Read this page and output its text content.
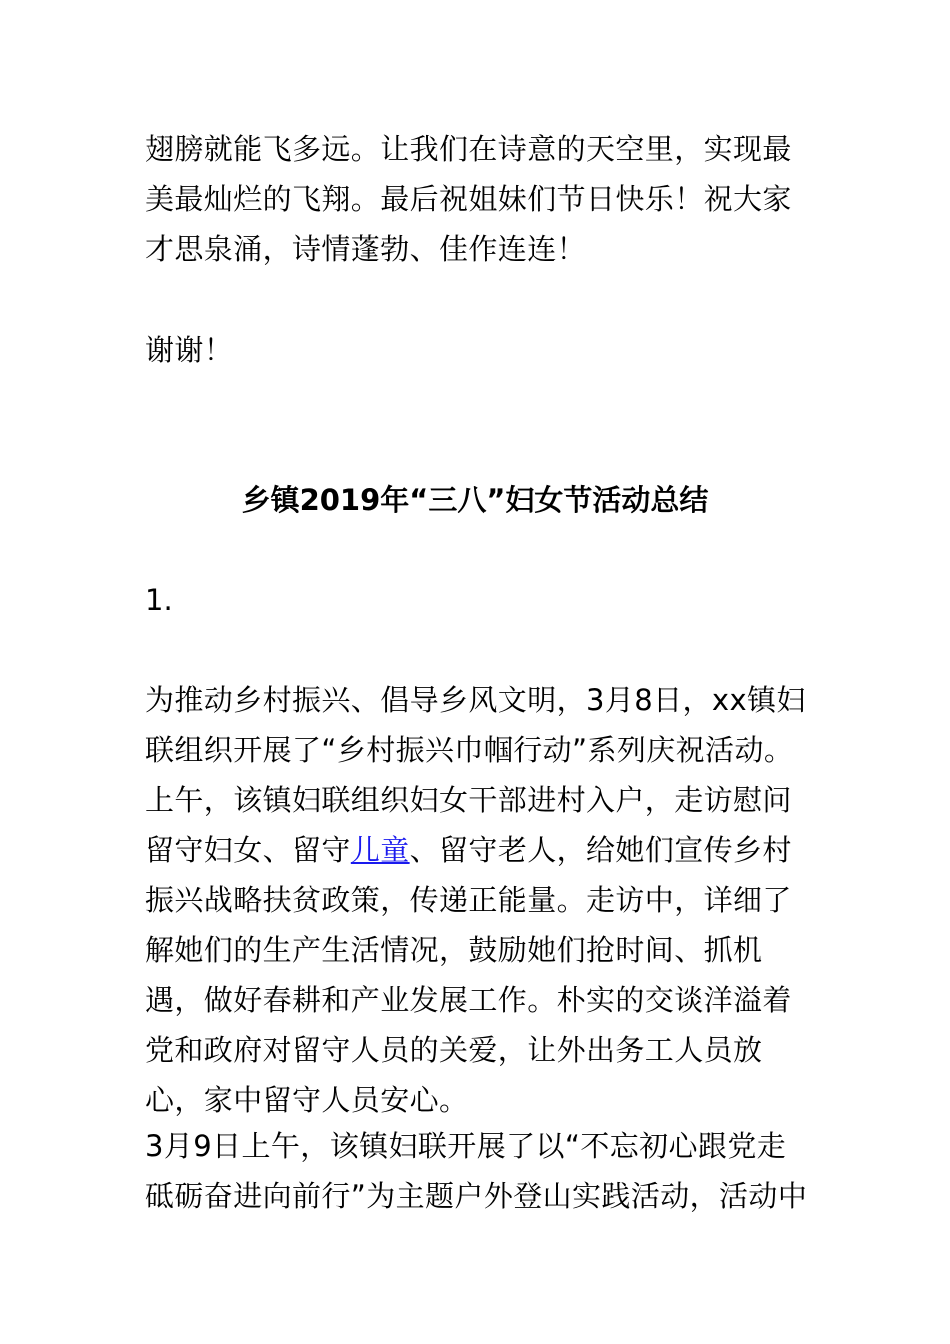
翅膀就能飞多远。让我们在诗意的天空里，实现最美最灿烂的飞翔。最后祝姐妹们节日快乐！祝大家才思泉涌，诗情蓬勃、佳作连连！

谢谢！

乡镇2019年“三八”妇女节活动总结

1.

为推动乡村振兴、倡导乡风文明，3月8日，xx镇妇联组织开展了“乡村振兴巾帼行动”系列庆祝活动。上午，该镇妇联组织妇女干部进村入户，走访慰问留守妇女、留守儿童、留守老人，给她们宣传乡村振兴战略扶贫政策，传递正能量。走访中，详细了解她们的生产生活情况，鼓励她们抢时间、抓机遇，做好春耕和产业发展工作。朴实的交谈洋溢着党和政府对留守人员的关爱，让外出务工人员放心，家中留守人员安心。

3月9日上午，该镇妇联开展了以“不忘初心跟党走砥砺奋进向前行”为主题户外登山实践活动，活动中
